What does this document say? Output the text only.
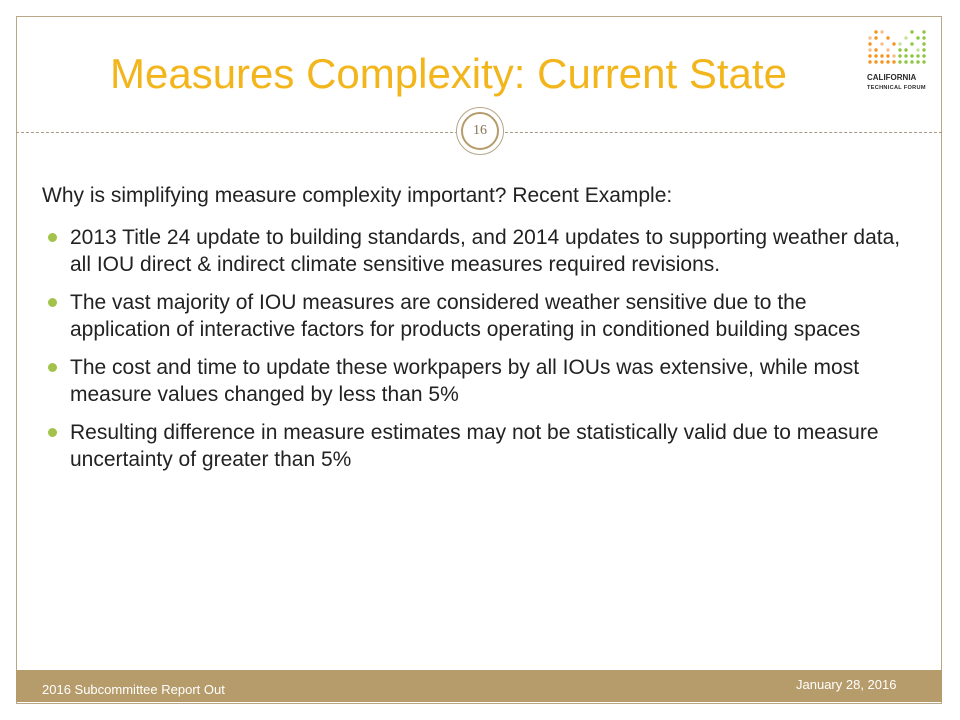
Measures Complexity: Current State	CALIFORNIA
TECHNICAL FORUM
16
Why is simplifying measure complexity important? Recent Example:
2013 Title 24 update to building standards, and 2014 updates to supporting weather data, all IOU direct & indirect climate sensitive measures required revisions.
The vast majority of IOU measures are considered weather sensitive due to the application of interactive factors for products operating in conditioned building spaces
The cost and time to update these workpapers by all IOUs was extensive, while most measure values changed by less than 5%
Resulting difference in measure estimates may not be statistically valid due to measure uncertainty of greater than 5%
2016 Subcommittee Report Out	January 28, 2016
